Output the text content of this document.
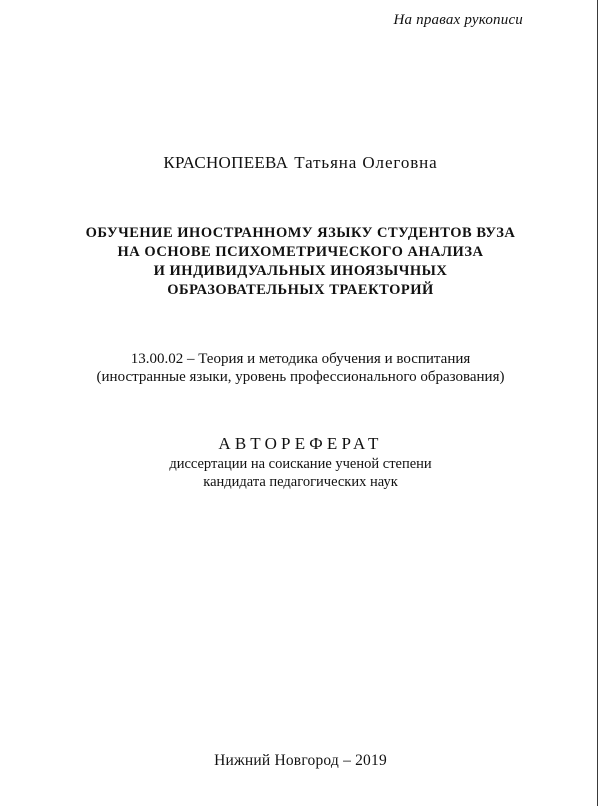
На правах рукописи
КРАСНОПЕЕВА Татьяна Олеговна
ОБУЧЕНИЕ ИНОСТРАННОМУ ЯЗЫКУ СТУДЕНТОВ ВУЗА
НА ОСНОВЕ ПСИХОМЕТРИЧЕСКОГО АНАЛИЗА
И ИНДИВИДУАЛЬНЫХ ИНОЯЗЫЧНЫХ
ОБРАЗОВАТЕЛЬНЫХ ТРАЕКТОРИЙ
13.00.02 – Теория и методика обучения и воспитания
(иностранные языки, уровень профессионального образования)
АВТОРЕФЕРАТ
диссертации на соискание ученой степени
кандидата педагогических наук
Нижний Новгород – 2019
